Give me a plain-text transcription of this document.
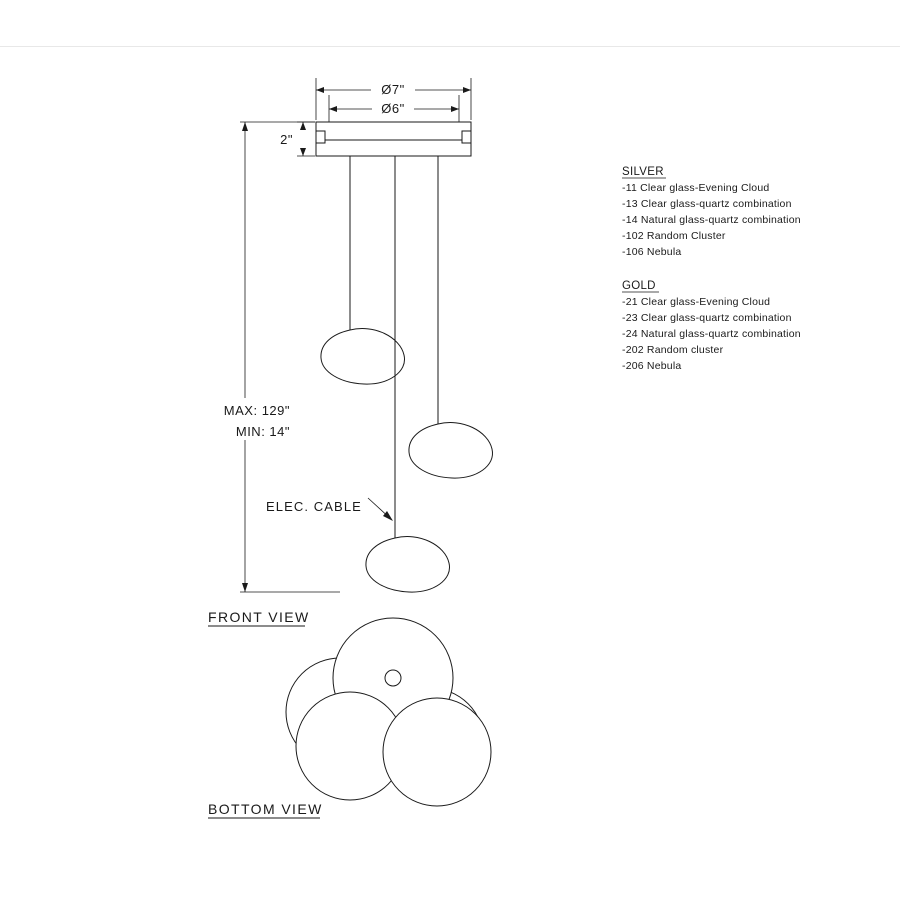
Ø7"
Ø6"
2"
MAX: 129"
MIN: 14"
ELEC. CABLE
FRONT VIEW
BOTTOM VIEW
SILVER
-11 Clear glass-Evening Cloud
-13 Clear glass-quartz combination
-14 Natural glass-quartz combination
-102 Random Cluster
-106 Nebula
GOLD
-21 Clear glass-Evening Cloud
-23 Clear glass-quartz combination
-24 Natural glass-quartz combination
-202 Random cluster
-206 Nebula
